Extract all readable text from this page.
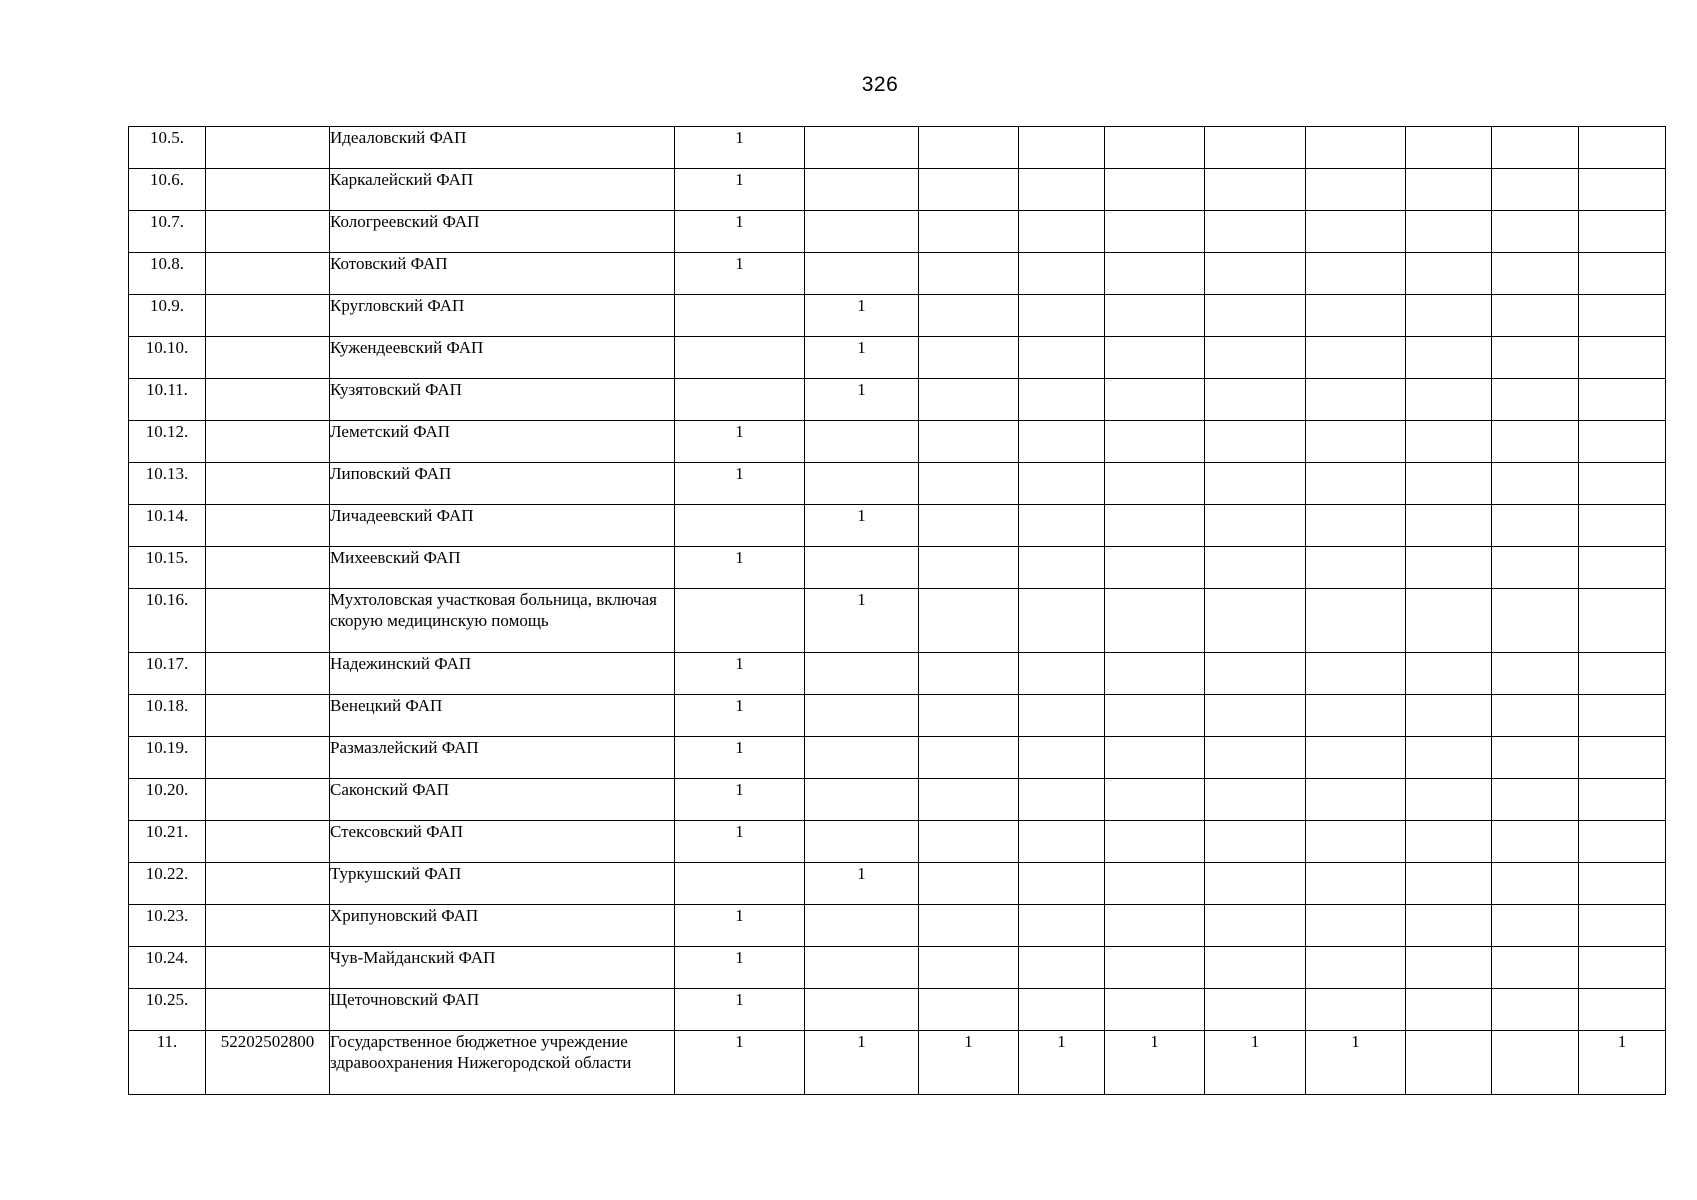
326
10.5.		Идеаловский ФАП	1									
10.6.		Каркалейский ФАП	1									
10.7.		Кологреевский ФАП	1									
10.8.		Котовский ФАП	1									
10.9.		Кругловский ФАП		1								
10.10.		Кужендеевский ФАП		1								
10.11.		Кузятовский ФАП		1								
10.12.		Леметский ФАП	1									
10.13.		Липовский ФАП	1									
10.14.		Личадеевский ФАП		1								
10.15.		Михеевский ФАП	1									
10.16.		Мухтоловская участковая больница, включая скорую медицинскую помощь		1								
10.17.		Надежинский ФАП	1									
10.18.		Венецкий ФАП	1									
10.19.		Размазлейский ФАП	1									
10.20.		Саконский ФАП	1									
10.21.		Стексовский ФАП	1									
10.22.		Туркушский ФАП		1								
10.23.		Хрипуновский ФАП	1									
10.24.		Чув-Майданский ФАП	1									
10.25.		Щеточновский ФАП	1									
11.	52202502800	Государственное бюджетное учреждение здравоохранения Нижегородской области	1	1	1	1	1	1	1			1
